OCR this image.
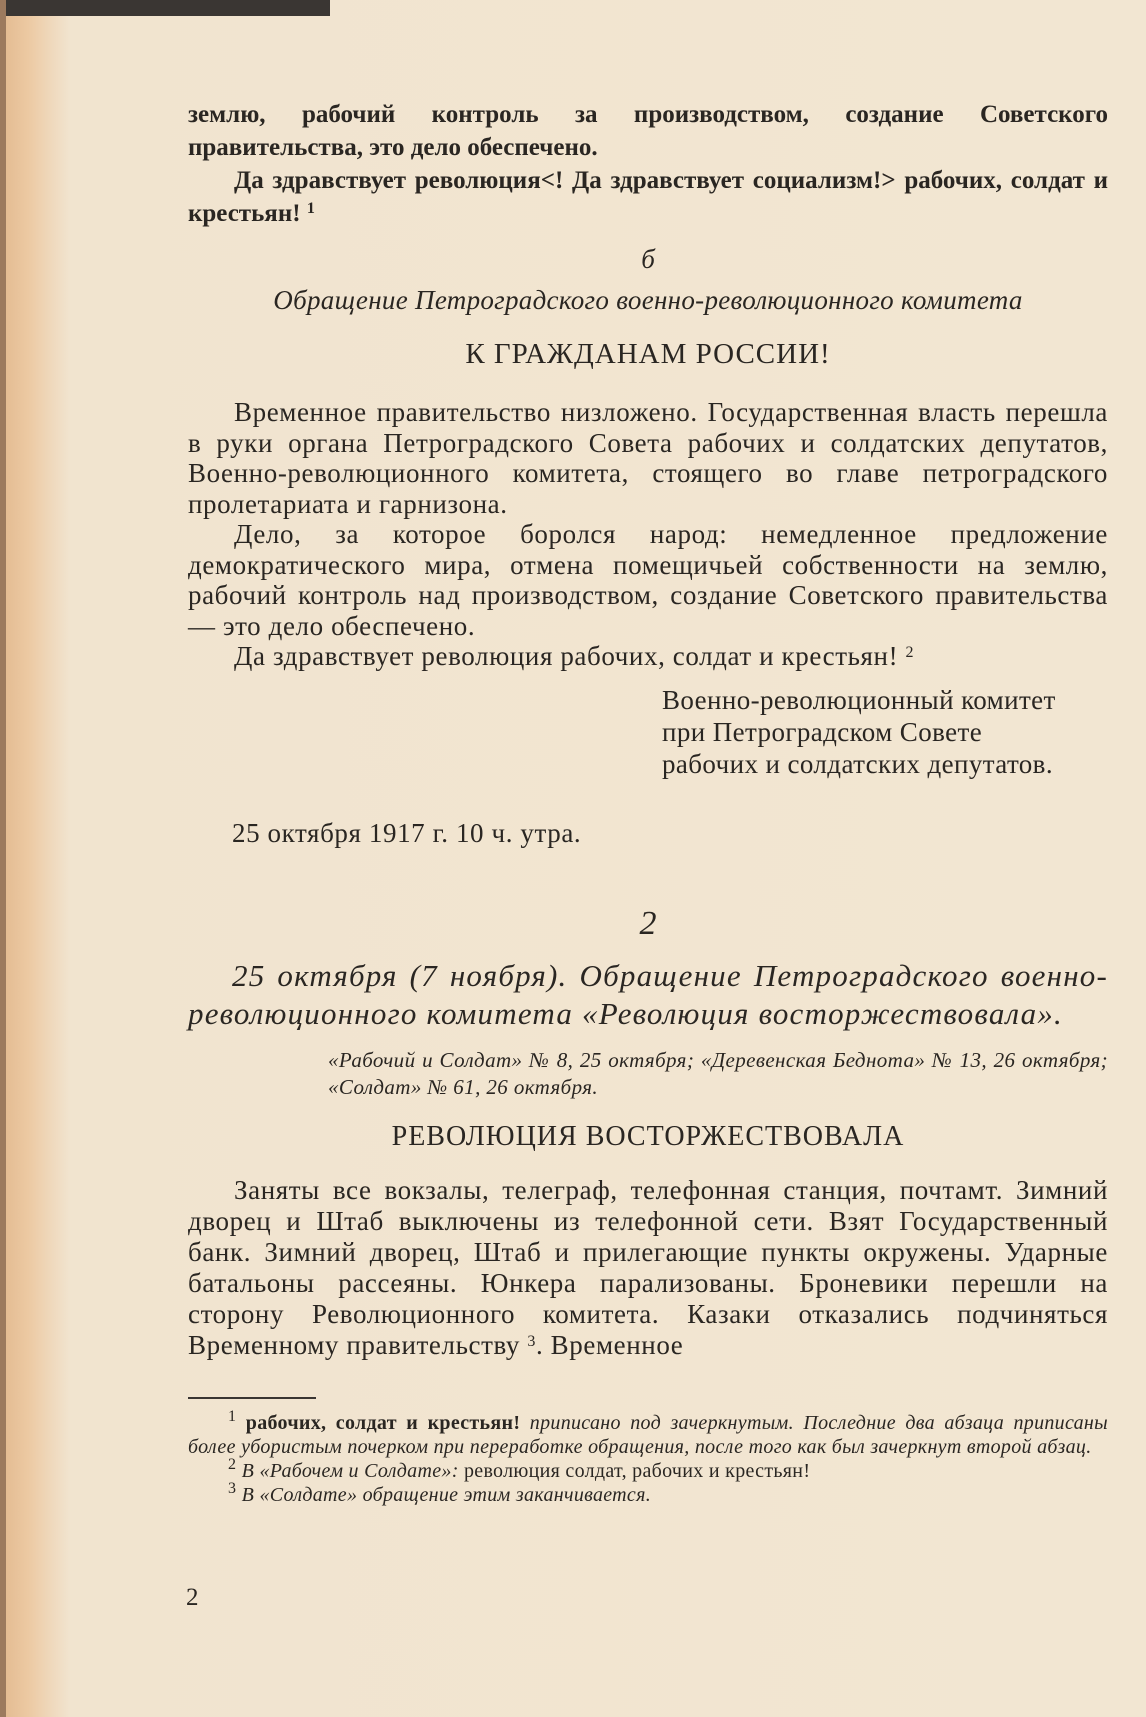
землю, рабочий контроль за производством, создание Советского правительства, это дело обеспечено.

Да здравствует революция<! Да здравствует социализм!> рабочих, солдат и крестьян! $^1$

б

Обращение Петроградского военно-революционного комитета

К ГРАЖДАНАМ РОССИИ!

Временное правительство низложено. Государственная власть перешла в руки органа Петроградского Совета рабочих и солдатских депутатов, Военно-революционного комитета, стоящего во главе петроградского пролетариата и гарнизона.

Дело, за которое боролся народ: немедленное предложение демократического мира, отмена помещичьей собственности на землю, рабочий контроль над производством, создание Советского правительства — это дело обеспечено.

Да здравствует революция рабочих, солдат и крестьян! $^2$

Военно-революционный комитет
при Петроградском Совете
рабочих и солдатских депутатов.

25 октября 1917 г. 10 ч. утра.

2

25 октября (7 ноября). Обращение Петроградского военно-революционного комитета «Революция восторжествовала».

«Рабочий и Солдат» № 8, 25 октября; «Деревенская Беднота» № 13, 26 октября; «Солдат» № 61, 26 октября.

РЕВОЛЮЦИЯ ВОСТОРЖЕСТВОВАЛА

Заняты все вокзалы, телеграф, телефонная станция, почтамт. Зимний дворец и Штаб выключены из телефонной сети. Взят Государственный банк. Зимний дворец, Штаб и прилегающие пункты окружены. Ударные батальоны рассеяны. Юнкера парализованы. Броневики перешли на сторону Революционного комитета. Казаки отказались подчиняться Временному правительству $^3$. Временное

$^1$ рабочих, солдат и крестьян! приписано под зачеркнутым. Последние два абзаца приписаны более убористым почерком при переработке обращения, после того как был зачеркнут второй абзац.

$^2$ В «Рабочем и Солдате»: революция солдат, рабочих и крестьян!

$^3$ В «Солдате» обращение этим заканчивается.

2
